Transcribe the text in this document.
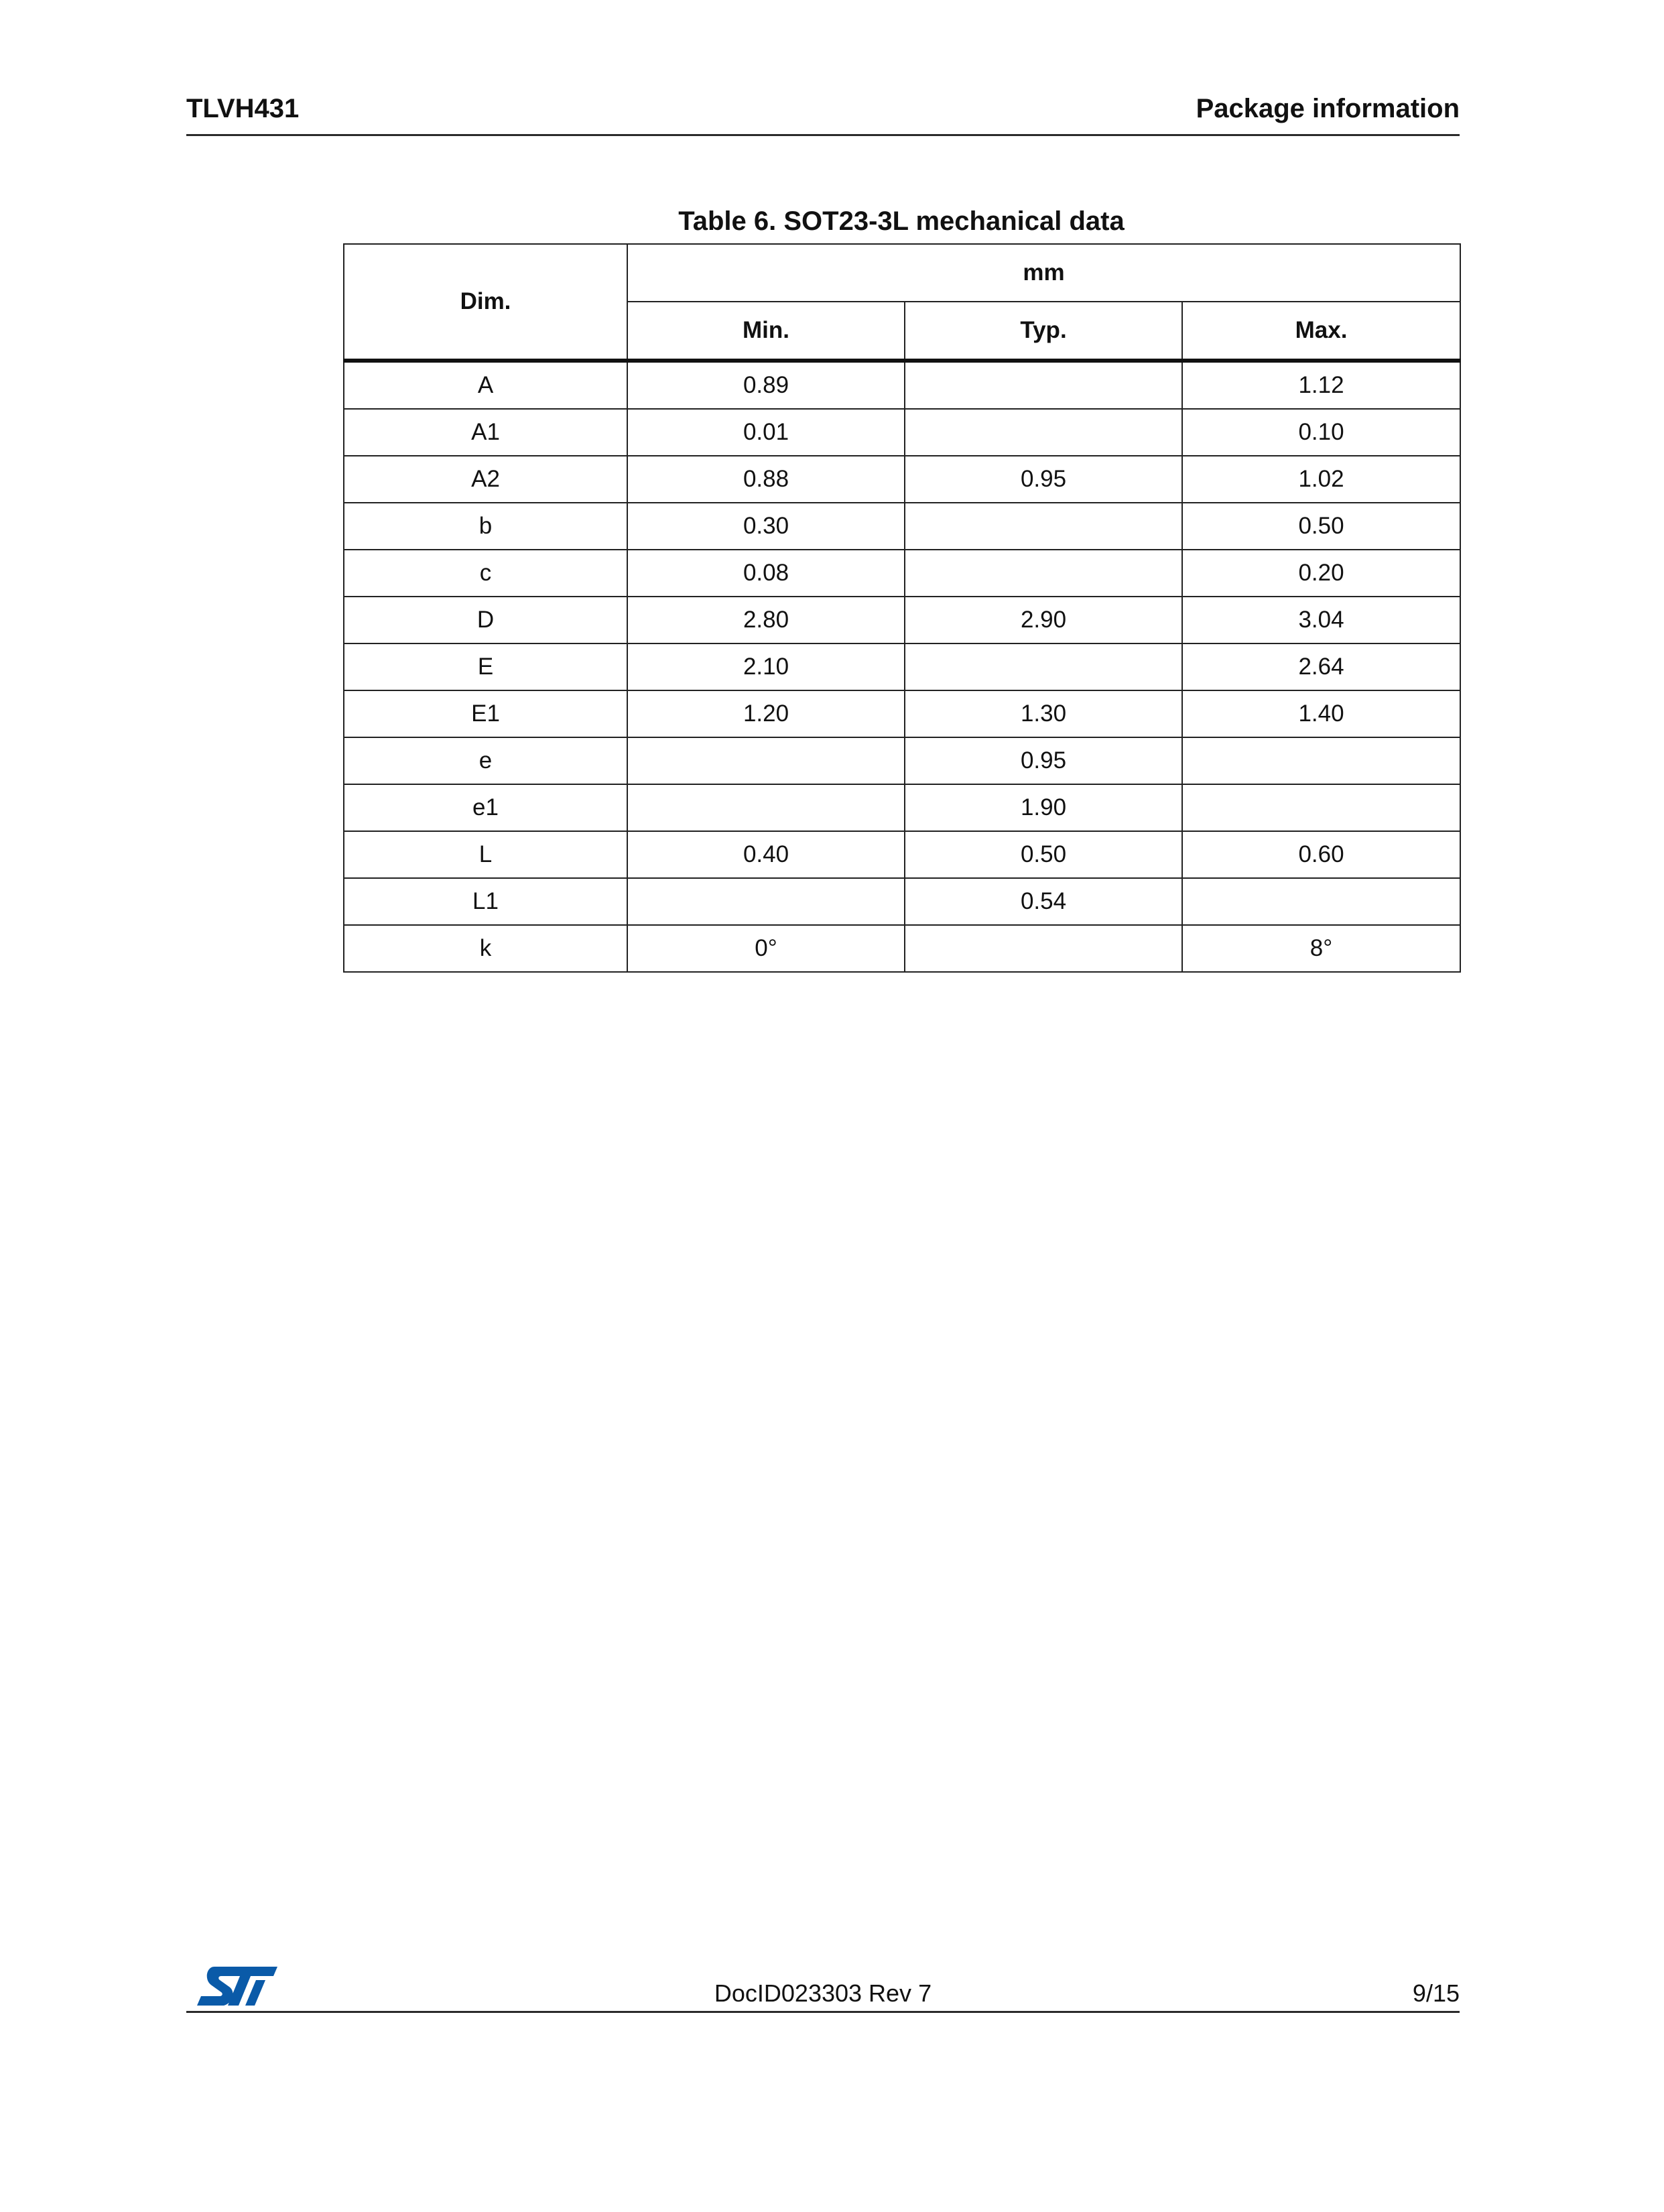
TLVH431	Package information
Table 6. SOT23-3L mechanical data
Dim.	mm		
	Min.	Typ.	Max.
A	0.89		1.12
A1	0.01		0.10
A2	0.88	0.95	1.02
b	0.30		0.50
c	0.08		0.20
D	2.80	2.90	3.04
E	2.10		2.64
E1	1.20	1.30	1.40
e		0.95	
e1		1.90	
L	0.40	0.50	0.60
L1		0.54	
k	0°		8°
DocID023303 Rev 7	9/15
